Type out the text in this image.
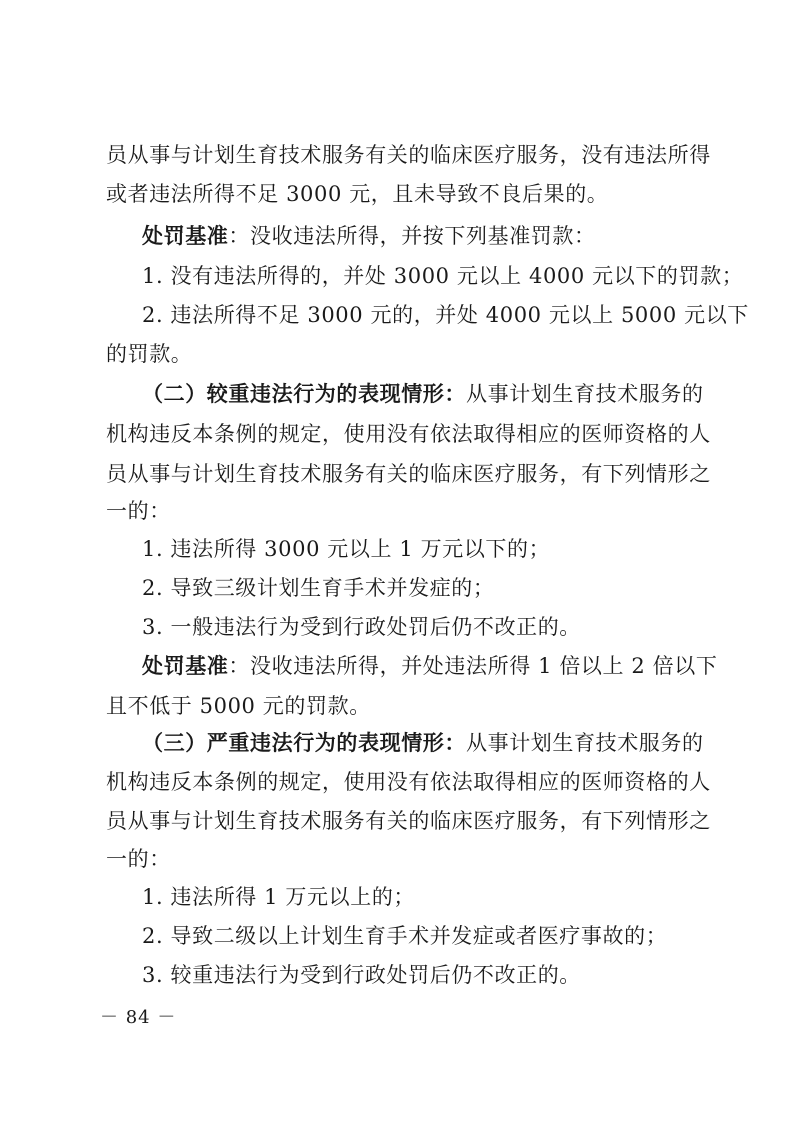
员从事与计划生育技术服务有关的临床医疗服务，没有违法所得
或者违法所得不足 3000 元，且未导致不良后果的。
处罚基准：没收违法所得，并按下列基准罚款：
1. 没有违法所得的，并处 3000 元以上 4000 元以下的罚款；
2. 违法所得不足 3000 元的，并处 4000 元以上 5000 元以下
的罚款。
（二）较重违法行为的表现情形：从事计划生育技术服务的
机构违反本条例的规定，使用没有依法取得相应的医师资格的人
员从事与计划生育技术服务有关的临床医疗服务，有下列情形之
一的：
1. 违法所得 3000 元以上 1 万元以下的；
2. 导致三级计划生育手术并发症的；
3. 一般违法行为受到行政处罚后仍不改正的。
处罚基准：没收违法所得，并处违法所得 1 倍以上 2 倍以下
且不低于 5000 元的罚款。
（三）严重违法行为的表现情形：从事计划生育技术服务的
机构违反本条例的规定，使用没有依法取得相应的医师资格的人
员从事与计划生育技术服务有关的临床医疗服务，有下列情形之
一的：
1. 违法所得 1 万元以上的；
2. 导致二级以上计划生育手术并发症或者医疗事故的；
3. 较重违法行为受到行政处罚后仍不改正的。
－ 84 －
